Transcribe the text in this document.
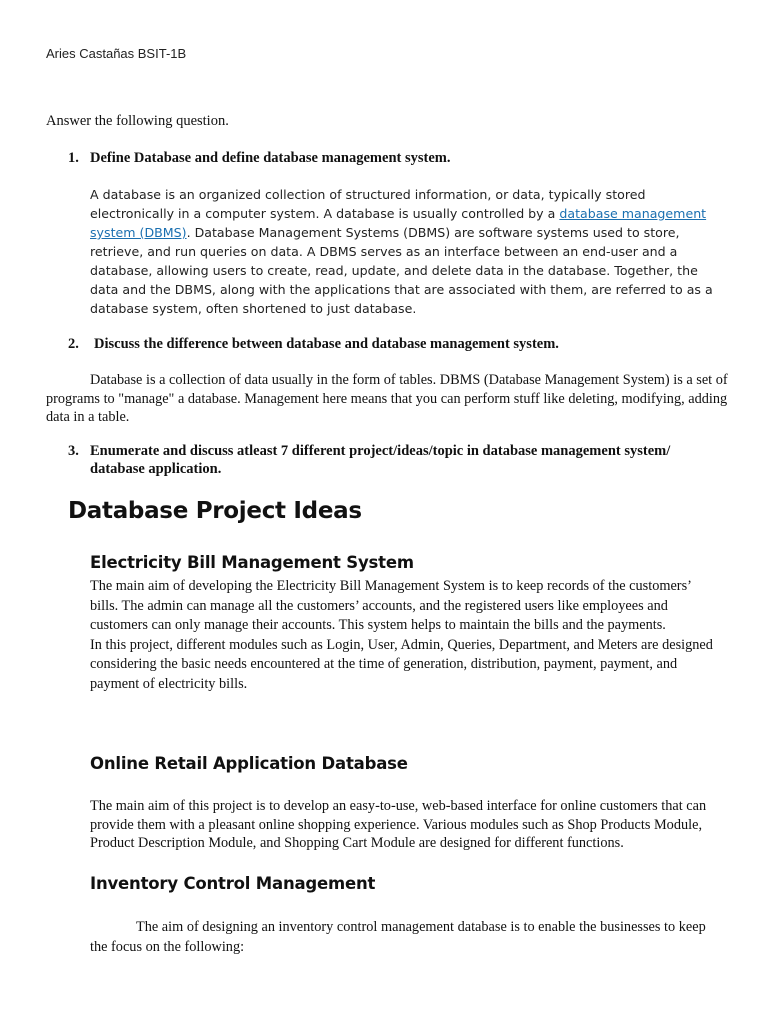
Aries Castañas BSIT-1B
Answer the following question.
1. Define Database and define database management system.
A database is an organized collection of structured information, or data, typically stored electronically in a computer system. A database is usually controlled by a database management system (DBMS). Database Management Systems (DBMS) are software systems used to store, retrieve, and run queries on data. A DBMS serves as an interface between an end-user and a database, allowing users to create, read, update, and delete data in the database. Together, the data and the DBMS, along with the applications that are associated with them, are referred to as a database system, often shortened to just database.
2. Discuss the difference between database and database management system.
Database is a collection of data usually in the form of tables. DBMS (Database Management System) is a set of programs to "manage" a database. Management here means that you can perform stuff like deleting, modifying, adding data in a table.
3. Enumerate and discuss atleast 7 different project/ideas/topic in database management system/ database application.
Database Project Ideas
Electricity Bill Management System
The main aim of developing the Electricity Bill Management System is to keep records of the customers’ bills. The admin can manage all the customers’ accounts, and the registered users like employees and customers can only manage their accounts. This system helps to maintain the bills and the payments.
In this project, different modules such as Login, User, Admin, Queries, Department, and Meters are designed considering the basic needs encountered at the time of generation, distribution, payment, payment, and payment of electricity bills.
Online Retail Application Database
The main aim of this project is to develop an easy-to-use, web-based interface for online customers that can provide them with a pleasant online shopping experience. Various modules such as Shop Products Module, Product Description Module, and Shopping Cart Module are designed for different functions.
Inventory Control Management
The aim of designing an inventory control management database is to enable the businesses to keep the focus on the following:
